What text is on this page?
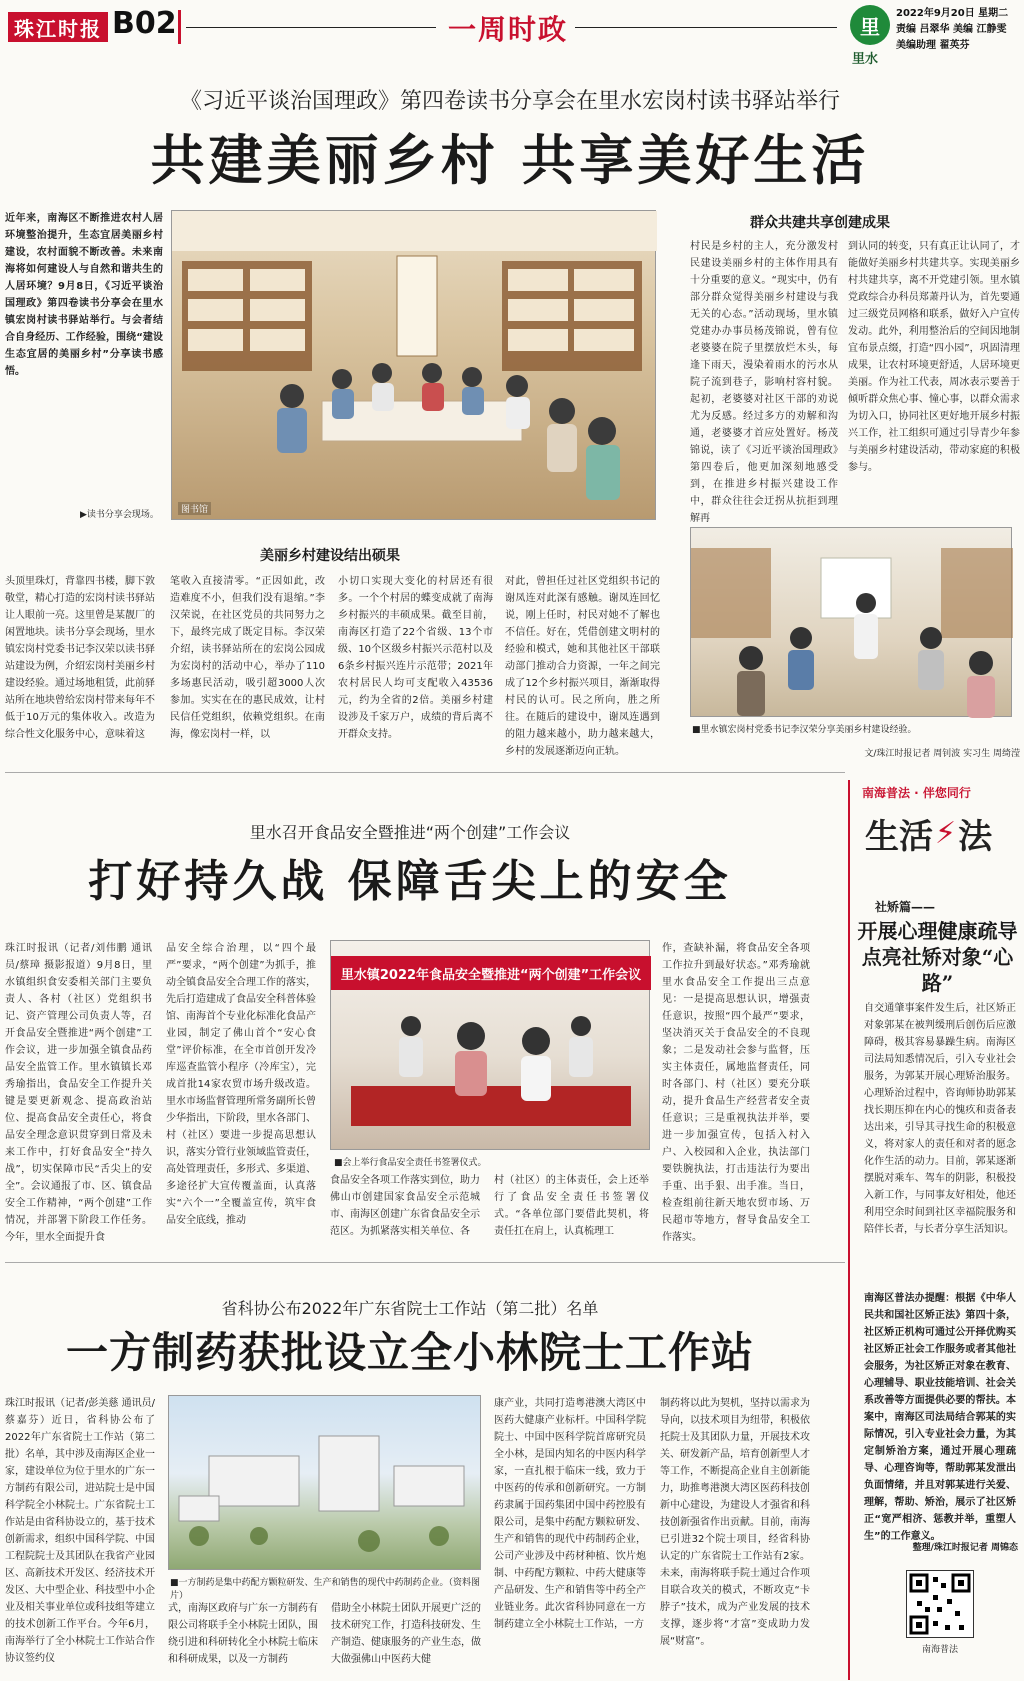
珠江时报 B02	一周时政	里
里水
2022年9月20日 星期二
责编 吕翠华 美编 江静雯
美编助理 翟英芬
《习近平谈治国理政》第四卷读书分享会在里水宏岗村读书驿站举行
共建美丽乡村 共享美好生活
近年来，南海区不断推进农村人居环境整治提升，生态宜居美丽乡村建设，农村面貌不断改善。未来南海将如何建设人与自然和谐共生的人居环境？9月8日，《习近平谈治国理政》第四卷读书分享会在里水镇宏岗村读书驿站举行。与会者结合自身经历、工作经验，围绕“建设生态宜居的美丽乡村”分享读书感悟。
图书馆
▶读书分享会现场。
群众共建共享创建成果
村民是乡村的主人，充分激发村民建设美丽乡村的主体作用具有十分重要的意义。“现实中，仍有部分群众觉得美丽乡村建设与我无关的心态。”活动现场，里水镇党建办办事员杨茂锦说，曾有位老婆婆在院子里摆放烂木头，每逢下雨天，漫染着雨水的污水从院子流到巷子，影响村容村貌。起初，老婆婆对社区干部的劝说尤为反感。经过多方的劝解和沟通，老婆婆才首应处置好。杨茂锦说，读了《习近平谈治国理政》第四卷后，他更加深刻地感受到，在推进乡村振兴建设工作中，群众往往会迂拐从抗拒到理解再
到认同的转变，只有真正让认同了，才能做好美丽乡村共建共享。实现美丽乡村共建共享，离不开党建引领。里水镇党政综合办科员郑萧丹认为，首先要通过三级党员网格和联系，做好入户宣传发动。此外，利用整治后的空间因地制宜布景点缀，打造“四小园”，巩固清理成果，让农村环境更舒适，人居环境更美丽。作为社工代表，周冰表示要善于倾听群众焦心事、憧心事，以群众需求为切入口，协同社区更好地开展乡村振兴工作，社工组织可通过引导青少年参与美丽乡村建设活动，带动家庭的积极参与。
美丽乡村建设结出硕果
头顶里珠灯，背靠四书楼，脚下敦敬堂，精心打造的宏岗村读书驿站让人眼前一亮。这里曾是某靓厂的闲置地块。读书分享会现场，里水镇宏岗村党委书记李汉荣以读书驿站建设为例，介绍宏岗村美丽乡村建设经验。通过场地租赁，此前驿站所在地块曾给宏岗村带来每年不低于10万元的集体收入。改造为综合性文化服务中心，意味着这
笔收入直接清零。“正因如此，改造难度不小，但我们没有退缩。”李汉荣说，在社区党员的共同努力之下，最终完成了既定目标。李汉荣介绍，读书驿站所在的宏岗公园成为宏岗村的活动中心，举办了110多场惠民活动，吸引超3000人次参加。实实在在的惠民成效，让村民信任党组织，依赖党组织。在南海，像宏岗村一样，以
小切口实现大变化的村居还有很多。一个个村居的蝶变成就了南海乡村振兴的丰硕成果。截至目前，南海区打造了22个省级、13个市级、10个区级乡村振兴示范村以及6条乡村振兴连片示范带；2021年农村居民人均可支配收入43536元，约为全省的2倍。美丽乡村建设涉及千家万户，成绩的背后离不开群众支持。
对此，曾担任过社区党组织书记的谢凤连对此深有感触。谢凤连回忆说，刚上任时，村民对她不了解也不信任。好在，凭借创建文明村的经验和模式，她和其他社区干部联动部门推动合力资源，一年之间完成了12个乡村振兴项目，渐渐取得村民的认可。民之所向，胜之所往。在随后的建设中，谢凤连遇到的阻力越来越小，助力越来越大，乡村的发展逐渐迈向正轨。
■里水镇宏岗村党委书记李汉荣分享美丽乡村建设经验。
文/珠江时报记者 周钊波 实习生 周绮滢
里水召开食品安全暨推进“两个创建”工作会议
打好持久战 保障舌尖上的安全
珠江时报讯（记者/刘伟鹏 通讯员/蔡璋 摄影报道）9月8日，里水镇组织食安委相关部门主要负责人、各村（社区）党组织书记、资产管理公司负责人等，召开食品安全暨推进“两个创建”工作会议，进一步加强全镇食品药品安全监管工作。里水镇镇长邓秀瑜指出，食品安全工作提升关键是要更新观念、提高政治站位、提高食品安全责任心，将食品安全理念意识贯穿到日常及未来工作中，打好食品安全“持久战”，切实保障市民“舌尖上的安全”。会议通报了市、区、镇食品安全工作精神，“两个创建”工作情况，并部署下阶段工作任务。今年，里水全面提升食
品安全综合治理，以“四个最严”要求，“两个创建”为抓手，推动全镇食品安全合理工作的落实，先后打造建成了食品安全科普体验馆、南海首个专业化标准化食品产业园，制定了佛山首个“安心食堂”评价标准，在全市首创开发冷库巡查监管小程序（冷库宝），完成首批14家农贸市场升级改造。里水市场监督管理所常务副所长曾少华指出，下阶段，里水各部门、村（社区）要进一步提高思想认识，落实分管行业领域监管责任，高处管理责任，多形式、多渠道、多途径扩大宣传覆盖面，认真落实“六个一”全覆盖宣传，筑牢食品安全底线，推动
里水镇2022年食品安全暨推进“两个创建”工作会议
■会上举行食品安全责任书签署仪式。
食品安全各项工作落实到位，助力佛山市创建国家食品安全示范城市、南海区创建广东省食品安全示范区。为抓紧落实相关单位、各
村（社区）的主体责任，会上还举行了食品安全责任书签署仪式。“各单位部门要借此契机，将责任扛在肩上，认真梳理工
作，查缺补漏，将食品安全各项工作拉升到最好状态。”邓秀瑜就里水食品安全工作提出三点意见：一是提高思想认识，增强责任意识，按照“四个最严”要求，坚决消灭关于食品安全的不良现象；二是发动社会参与监督，压实主体责任，属地监督责任，同时各部门、村（社区）要充分联动，提升食品生产经营者安全责任意识；三是重视执法并举，要进一步加强宣传，包括入村入户、入校园和入企业，执法部门要铁腕执法，打击违法行为要出手重、出手狠、出手准。当日，检查组前往新天地农贸市场、万民超市等地方，督导食品安全工作落实。
省科协公布2022年广东省院士工作站（第二批）名单
一方制药获批设立全小林院士工作站
珠江时报讯（记者/彭美慈 通讯员/蔡嘉芬）近日，省科协公布了2022年广东省院士工作站（第二批）名单，其中涉及南海区企业一家，建设单位为位于里水的广东一方制药有限公司，进站院士是中国科学院全小林院士。广东省院士工作站是由省科协设立的，基于技术创新需求，组织中国科学院、中国工程院院士及其团队在我省产业园区、高新技术开发区、经济技术开发区、大中型企业、科技型中小企业及相关事业单位或科技组等建立的技术创新工作平台。今年6月，南海举行了全小林院士工作站合作协议签约仪
■一方制药是集中药配方颗粒研发、生产和销售的现代中药制药企业。（资料图片）
式，南海区政府与广东一方制药有限公司将联手全小林院士团队，围绕引进和科研转化全小林院士临床和科研成果，以及一方制药
借助全小林院士团队开展更广泛的技术研究工作，打造科技研发、生产制造、健康服务的产业生态，做大做强佛山中医药大健
康产业，共同打造粤港澳大湾区中医药大健康产业标杆。中国科学院院士、中国中医科学院首席研究员全小林，是国内知名的中医内科学家，一直扎根于临床一线，致力于中医药的传承和创新研究。一方制药隶属于国药集团中国中药控股有限公司，是集中药配方颗粒研发、生产和销售的现代中药制药企业，公司产业涉及中药材种植、饮片炮制、中药配方颗粒、中药大健康等产品研发、生产和销售等中药全产业链业务。此次省科协同意在一方制药建立全小林院士工作站，一方
制药将以此为契机，坚持以需求为导向，以技术项目为纽带，积极依托院士及其团队力量，开展技术攻关、研发新产品，培育创新型人才等工作，不断提高企业自主创新能力，助推粤港澳大湾区医药科技创新中心建设，为建设人才强省和科技创新强省作出贡献。目前，南海已引进32个院士项目，经省科协认定的广东省院士工作站有2家。未来，南海将联手院士通过合作项目联合攻关的模式，不断攻克“卡脖子”技术，成为产业发展的技术支撑，逐步将“才富”变成助力发展“财富”。
南海普法 · 伴您同行
生活 ⚡ 法
社矫篇——
开展心理健康疏导 点亮社矫对象“心路”
自交通肇事案件发生后，社区矫正对象郭某在被判缓刑后创伤后应激障碍，极其容易暴躁生病。南海区司法局知悉情况后，引入专业社会服务，为郭某开展心理矫治服务。心理矫治过程中，咨询师协助郭某找长期压抑在内心的愧疚和责备表达出来，引导其寻找生命的积极意义，将对家人的责任和对者的愿念化作生活的动力。目前，郭某逐渐摆脱对乘车、驾车的阴影，积极投入新工作，与同事友好相处，他还利用空余时间到社区幸福院服务和陪伴长者，与长者分享生活知识。
南海区普法办提醒：根据《中华人民共和国社区矫正法》第四十条，社区矫正机构可通过公开择优购买社区矫正社会工作服务或者其他社会服务，为社区矫正对象在教育、心理辅导、职业技能培训、社会关系改善等方面提供必要的帮扶。本案中，南海区司法局结合郭某的实际情况，引入专业社会力量，为其定制矫治方案，通过开展心理疏导、心理咨询等，帮助郭某发泄出负面情绪，并且对郭某进行关爱、理解，帮助、矫治，展示了社区矫正“宽严相济、惩教并举，重塑人生”的工作意义。
整理/珠江时报记者 周锦态
南海普法
